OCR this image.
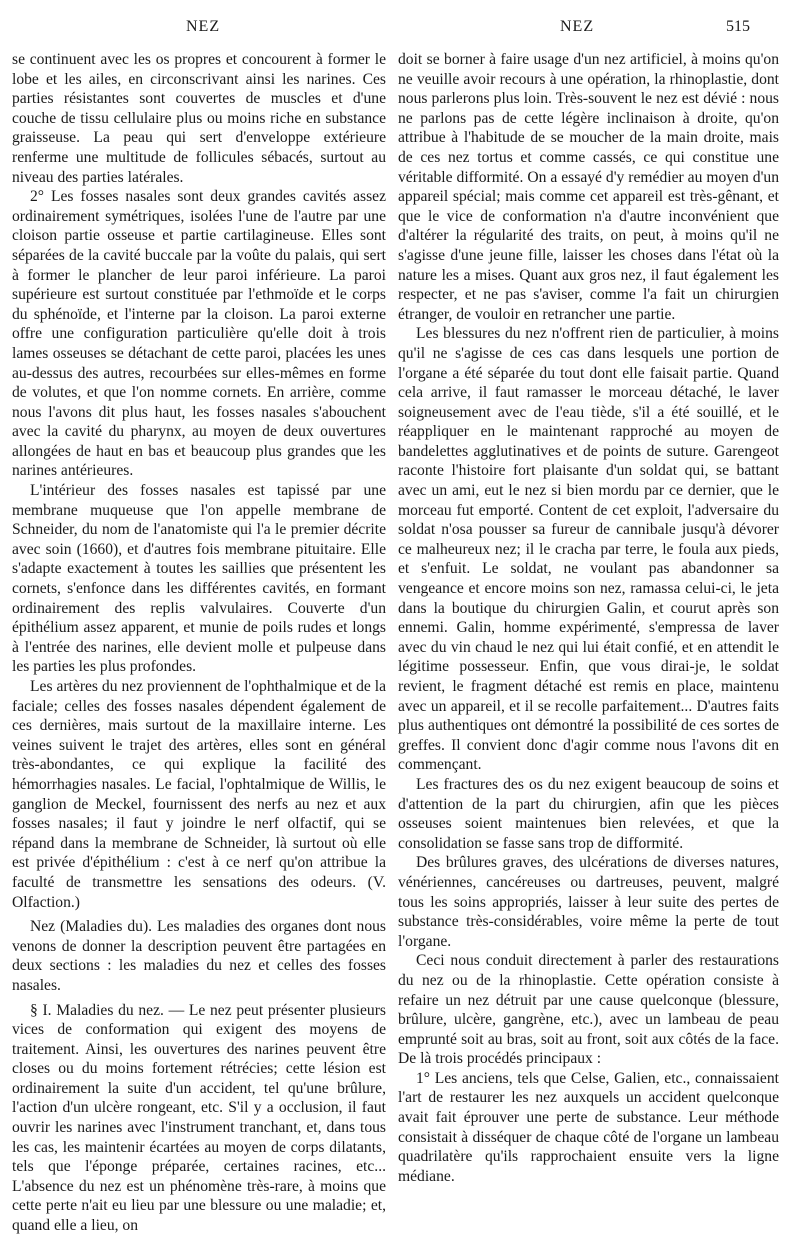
NEZ	NEZ	515

se continuent avec les os propres et concourent à former le lobe et les ailes, en circonscrivant ainsi les narines. Ces parties résistantes sont couvertes de muscles et d'une couche de tissu cellulaire plus ou moins riche en substance graisseuse. La peau qui sert d'enveloppe extérieure renferme une multitude de follicules sébacés, surtout au niveau des parties latérales.

2° Les fosses nasales sont deux grandes cavités assez ordinairement symétriques, isolées l'une de l'autre par une cloison partie osseuse et partie cartilagineuse. Elles sont séparées de la cavité buccale par la voûte du palais, qui sert à former le plancher de leur paroi inférieure. La paroi supérieure est surtout constituée par l'ethmoïde et le corps du sphénoïde, et l'interne par la cloison. La paroi externe offre une configuration particulière qu'elle doit à trois lames osseuses se détachant de cette paroi, placées les unes au-dessus des autres, recourbées sur elles-mêmes en forme de volutes, et que l'on nomme cornets. En arrière, comme nous l'avons dit plus haut, les fosses nasales s'abouchent avec la cavité du pharynx, au moyen de deux ouvertures allongées de haut en bas et beaucoup plus grandes que les narines antérieures.

L'intérieur des fosses nasales est tapissé par une membrane muqueuse que l'on appelle membrane de Schneider, du nom de l'anatomiste qui l'a le premier décrite avec soin (1660), et d'autres fois membrane pituitaire. Elle s'adapte exactement à toutes les saillies que présentent les cornets, s'enfonce dans les différentes cavités, en formant ordinairement des replis valvulaires. Couverte d'un épithélium assez apparent, et munie de poils rudes et longs à l'entrée des narines, elle devient molle et pulpeuse dans les parties les plus profondes.

Les artères du nez proviennent de l'ophthalmique et de la faciale; celles des fosses nasales dépendent également de ces dernières, mais surtout de la maxillaire interne. Les veines suivent le trajet des artères, elles sont en général très-abondantes, ce qui explique la facilité des hémorrhagies nasales. Le facial, l'ophtalmique de Willis, le ganglion de Meckel, fournissent des nerfs au nez et aux fosses nasales; il faut y joindre le nerf olfactif, qui se répand dans la membrane de Schneider, là surtout où elle est privée d'épithélium : c'est à ce nerf qu'on attribue la faculté de transmettre les sensations des odeurs. (V. Olfaction.)

Nez (Maladies du). Les maladies des organes dont nous venons de donner la description peuvent être partagées en deux sections : les maladies du nez et celles des fosses nasales.

§ I. Maladies du nez. — Le nez peut présenter plusieurs vices de conformation qui exigent des moyens de traitement. Ainsi, les ouvertures des narines peuvent être closes ou du moins fortement rétrécies; cette lésion est ordinairement la suite d'un accident, tel qu'une brûlure, l'action d'un ulcère rongeant, etc. S'il y a occlusion, il faut ouvrir les narines avec l'instrument tranchant, et, dans tous les cas, les maintenir écartées au moyen de corps dilatants, tels que l'éponge préparée, certaines racines, etc... L'absence du nez est un phénomène très-rare, à moins que cette perte n'ait eu lieu par une blessure ou une maladie; et, quand elle a lieu, on

doit se borner à faire usage d'un nez artificiel, à moins qu'on ne veuille avoir recours à une opération, la rhinoplastie, dont nous parlerons plus loin. Très-souvent le nez est dévié : nous ne parlons pas de cette légère inclinaison à droite, qu'on attribue à l'habitude de se moucher de la main droite, mais de ces nez tortus et comme cassés, ce qui constitue une véritable difformité. On a essayé d'y remédier au moyen d'un appareil spécial; mais comme cet appareil est très-gênant, et que le vice de conformation n'a d'autre inconvénient que d'altérer la régularité des traits, on peut, à moins qu'il ne s'agisse d'une jeune fille, laisser les choses dans l'état où la nature les a mises. Quant aux gros nez, il faut également les respecter, et ne pas s'aviser, comme l'a fait un chirurgien étranger, de vouloir en retrancher une partie.

Les blessures du nez n'offrent rien de particulier, à moins qu'il ne s'agisse de ces cas dans lesquels une portion de l'organe a été séparée du tout dont elle faisait partie. Quand cela arrive, il faut ramasser le morceau détaché, le laver soigneusement avec de l'eau tiède, s'il a été souillé, et le réappliquer en le maintenant rapproché au moyen de bandelettes agglutinatives et de points de suture. Garengeot raconte l'histoire fort plaisante d'un soldat qui, se battant avec un ami, eut le nez si bien mordu par ce dernier, que le morceau fut emporté. Content de cet exploit, l'adversaire du soldat n'osa pousser sa fureur de cannibale jusqu'à dévorer ce malheureux nez; il le cracha par terre, le foula aux pieds, et s'enfuit. Le soldat, ne voulant pas abandonner sa vengeance et encore moins son nez, ramassa celui-ci, le jeta dans la boutique du chirurgien Galin, et courut après son ennemi. Galin, homme expérimenté, s'empressa de laver avec du vin chaud le nez qui lui était confié, et en attendit le légitime possesseur. Enfin, que vous dirai-je, le soldat revient, le fragment détaché est remis en place, maintenu avec un appareil, et il se recolle parfaitement... D'autres faits plus authentiques ont démontré la possibilité de ces sortes de greffes. Il convient donc d'agir comme nous l'avons dit en commençant.

Les fractures des os du nez exigent beaucoup de soins et d'attention de la part du chirurgien, afin que les pièces osseuses soient maintenues bien relevées, et que la consolidation se fasse sans trop de difformité.

Des brûlures graves, des ulcérations de diverses natures, vénériennes, cancéreuses ou dartreuses, peuvent, malgré tous les soins appropriés, laisser à leur suite des pertes de substance très-considérables, voire même la perte de tout l'organe.

Ceci nous conduit directement à parler des restaurations du nez ou de la rhinoplastie. Cette opération consiste à refaire un nez détruit par une cause quelconque (blessure, brûlure, ulcère, gangrène, etc.), avec un lambeau de peau emprunté soit au bras, soit au front, soit aux côtés de la face. De là trois procédés principaux :

1° Les anciens, tels que Celse, Galien, etc., connaissaient l'art de restaurer les nez auxquels un accident quelconque avait fait éprouver une perte de substance. Leur méthode consistait à disséquer de chaque côté de l'organe un lambeau quadrilatère qu'ils rapprochaient ensuite vers la ligne médiane.
